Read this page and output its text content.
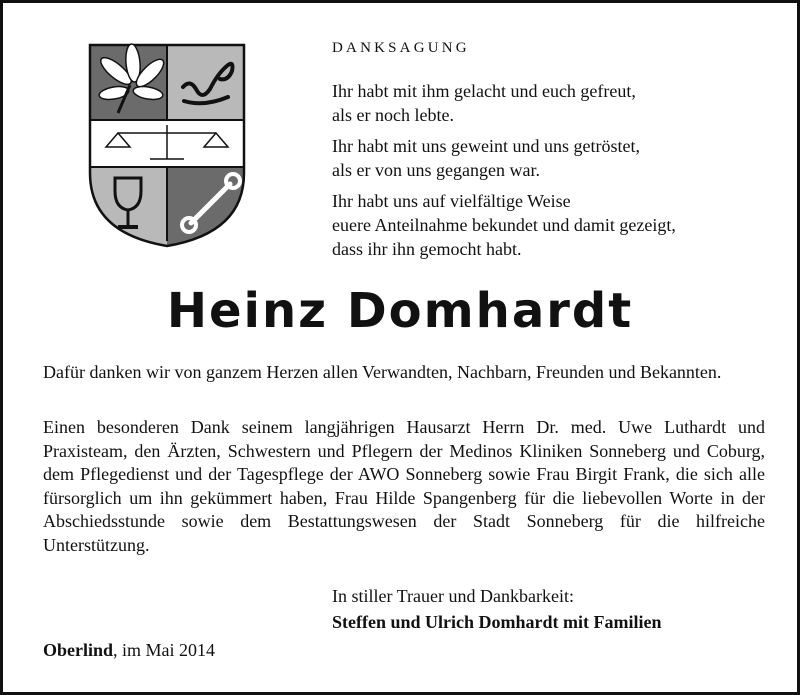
DANKSAGUNG

Ihr habt mit ihm gelacht und euch gefreut,
als er noch lebte.

Ihr habt mit uns geweint und uns getröstet,
als er von uns gegangen war.

Ihr habt uns auf vielfältige Weise
euere Anteilnahme bekundet und damit gezeigt,
dass ihr ihn gemocht habt.

Heinz Domhardt

Dafür danken wir von ganzem Herzen allen Verwandten, Nachbarn, Freunden und Bekannten.

Einen besonderen Dank seinem langjährigen Hausarzt Herrn Dr. med. Uwe Luthardt und Praxisteam, den Ärzten, Schwestern und Pflegern der Medinos Kliniken Sonneberg und Coburg, dem Pflegedienst und der Tagespflege der AWO Sonneberg sowie Frau Birgit Frank, die sich alle fürsorglich um ihn gekümmert haben, Frau Hilde Spangenberg für die liebevollen Worte in der Abschiedsstunde sowie dem Bestattungswesen der Stadt Sonneberg für die hilfreiche Unterstützung.

In stiller Trauer und Dankbarkeit:

Steffen und Ulrich Domhardt mit Familien

Oberlind, im Mai 2014
